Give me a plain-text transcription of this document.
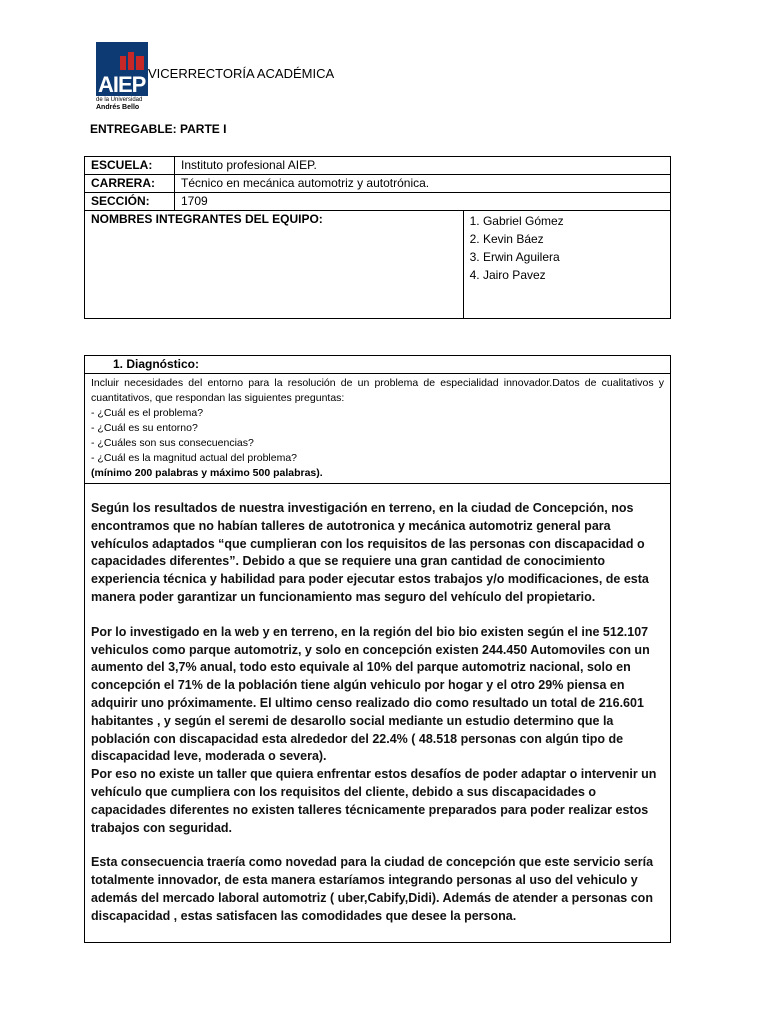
AIEP
de la Universidad
Andrés Bello
VICERRECTORÍA ACADÉMICA
ENTREGABLE: PARTE I
ESCUELA:	Instituto profesional AIEP.	
CARRERA:	Técnico en mecánica automotriz y autotrónica.	
SECCIÓN:	1709	
NOMBRES INTEGRANTES DEL EQUIPO:		1. Gabriel Gómez
2. Kevin Báez
3. Erwin Aguilera
4. Jairo Pavez
1. Diagnóstico:
Incluir necesidades del entorno para la resolución de un problema de especialidad innovador.Datos de cualitativos y cuantitativos, que respondan las siguientes preguntas:
- ¿Cuál es el problema?
- ¿Cuál es su entorno?
- ¿Cuáles son sus consecuencias?
- ¿Cuál es la magnitud actual del problema?
(mínimo 200 palabras y máximo 500 palabras).

Según los resultados de nuestra investigación en terreno, en la ciudad de Concepción, nos encontramos que no habían talleres de autotronica y mecánica automotriz general para vehículos adaptados “que cumplieran con los requisitos de las personas con discapacidad o capacidades diferentes”. Debido a que se requiere una gran cantidad de conocimiento experiencia técnica y habilidad para poder ejecutar estos trabajos y/o modificaciones, de esta manera poder garantizar un funcionamiento mas seguro del vehículo del propietario.

Por lo investigado en la web y en terreno, en la región del bio bio existen según el ine 512.107 vehiculos como parque automotriz, y solo en concepción existen 244.450 Automoviles con un aumento del 3,7% anual, todo esto equivale al 10% del parque automotriz nacional, solo en concepción el 71% de la población tiene algún vehiculo por hogar y el otro 29% piensa en adquirir uno próximamente. El ultimo censo realizado dio como resultado un total de 216.601 habitantes , y según el seremi de desarollo social mediante un estudio determino que la población con discapacidad esta alrededor del 22.4% ( 48.518 personas con algún tipo de discapacidad leve, moderada o severa).

Por eso no existe un taller que quiera enfrentar estos desafíos de poder adaptar o intervenir un vehículo que cumpliera con los requisitos del cliente, debido a sus discapacidades o capacidades diferentes no existen talleres técnicamente preparados para poder realizar estos trabajos con seguridad.

Esta consecuencia traería como novedad para la ciudad de concepción que este servicio sería totalmente innovador, de esta manera estaríamos integrando personas al uso del vehiculo y además del mercado laboral automotriz ( uber,Cabify,Didi). Además de atender a personas con discapacidad , estas satisfacen las comodidades que desee la persona.
